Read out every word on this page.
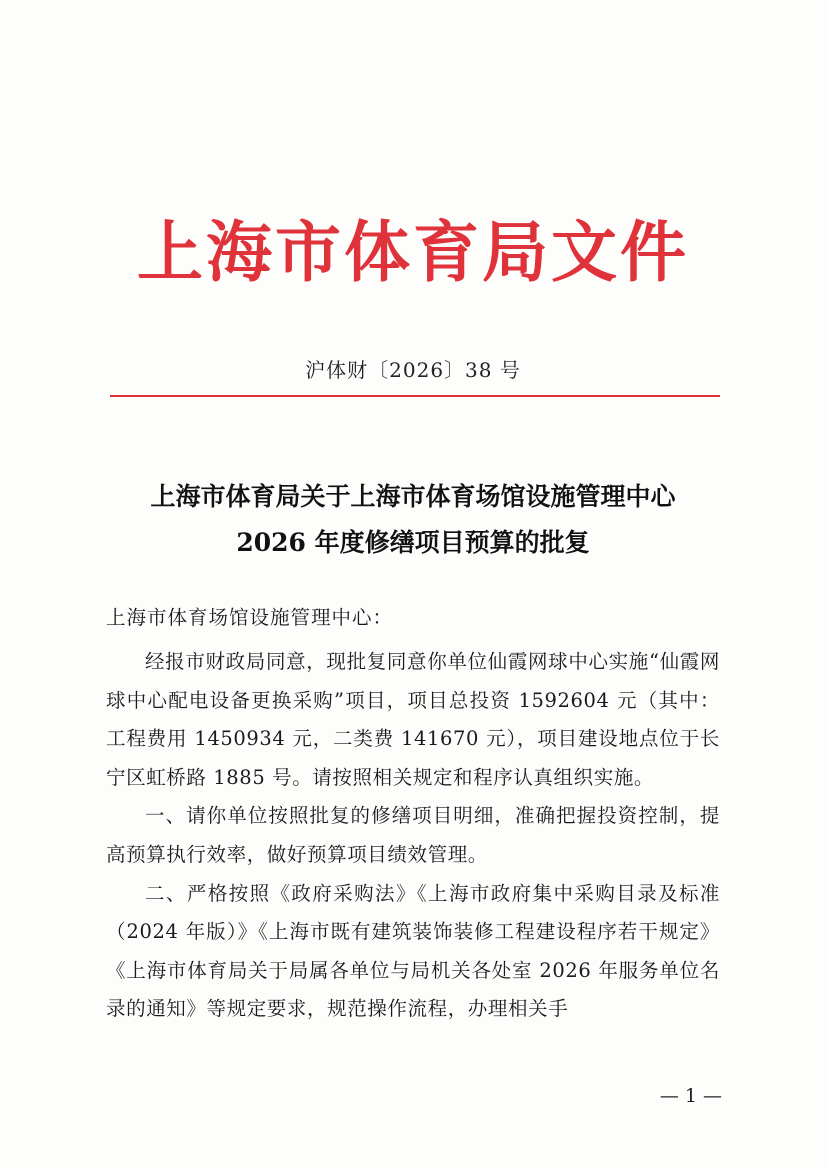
上海市体育局文件
沪体财〔2026〕38 号
上海市体育局关于上海市体育场馆设施管理中心
2026 年度修缮项目预算的批复
上海市体育场馆设施管理中心：

经报市财政局同意，现批复同意你单位仙霞网球中心实施“仙霞网球中心配电设备更换采购”项目，项目总投资 1592604 元（其中：工程费用 1450934 元，二类费 141670 元），项目建设地点位于长宁区虹桥路 1885 号。请按照相关规定和程序认真组织实施。

一、请你单位按照批复的修缮项目明细，准确把握投资控制，提高预算执行效率，做好预算项目绩效管理。

二、严格按照《政府采购法》《上海市政府集中采购目录及标准（2024 年版）》《上海市既有建筑装饰装修工程建设程序若干规定》《上海市体育局关于局属各单位与局机关各处室 2026 年服务单位名录的通知》等规定要求，规范操作流程，办理相关手

— 1 —
